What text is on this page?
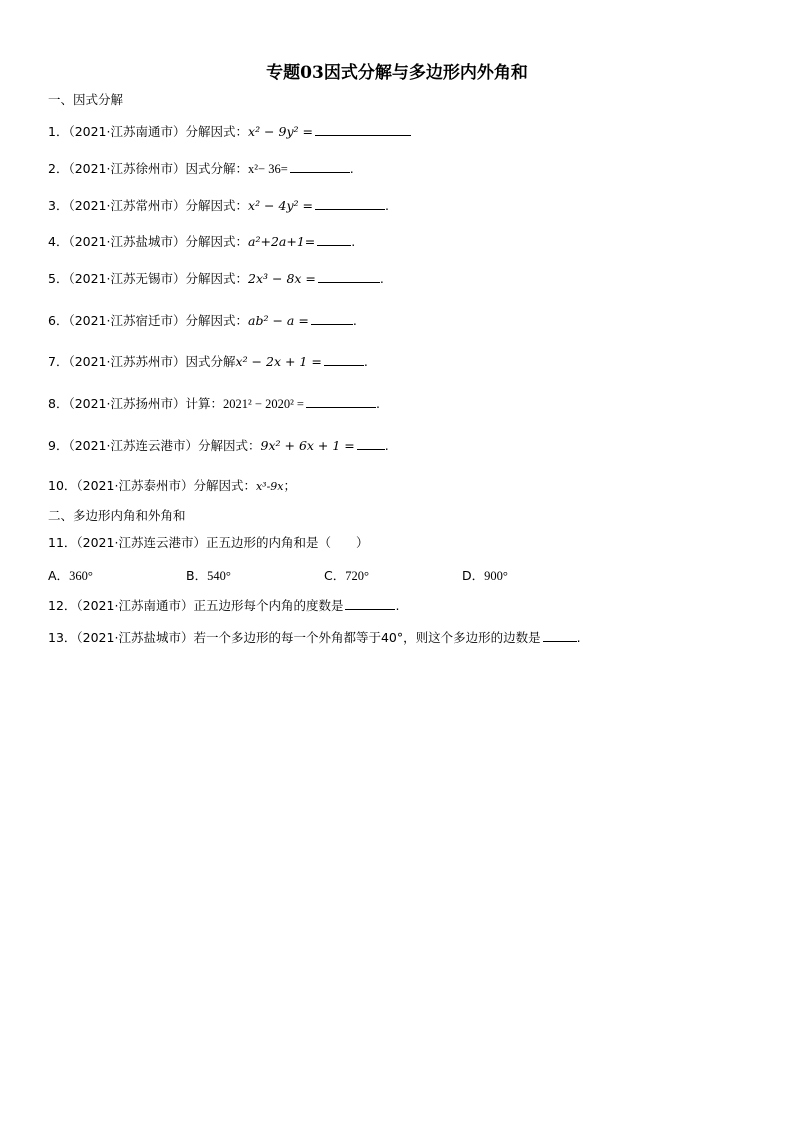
专题03因式分解与多边形内外角和
一、因式分解
1．（2021·江苏南通市）分解因式：x² − 9y² =
2．（2021·江苏徐州市）因式分解：x²− 36=	.
3．（2021·江苏常州市）分解因式：x² − 4y² =	.
4．（2021·江苏盐城市）分解因式：a²+2a+1=	.
5．（2021·江苏无锡市）分解因式：2x³ − 8x =	.
6．（2021·江苏宿迁市）分解因式：ab² − a =	.
7．（2021·江苏苏州市）因式分解x² − 2x + 1 =	.
8．（2021·江苏扬州市）计算：2021² − 2020² =	.
9．（2021·江苏连云港市）分解因式：9x² + 6x + 1 = .
10．（2021·江苏泰州市）分解因式：x³-9x；
二、多边形内角和外角和
11．（2021·江苏连云港市）正五边形的内角和是（　　）
A．360°	B．540°	C．720°	D．900°
12．（2021·江苏南通市）正五边形每个内角的度数是	.
13．（2021·江苏盐城市）若一个多边形的每一个外角都等于40°，则这个多边形的边数是	.
